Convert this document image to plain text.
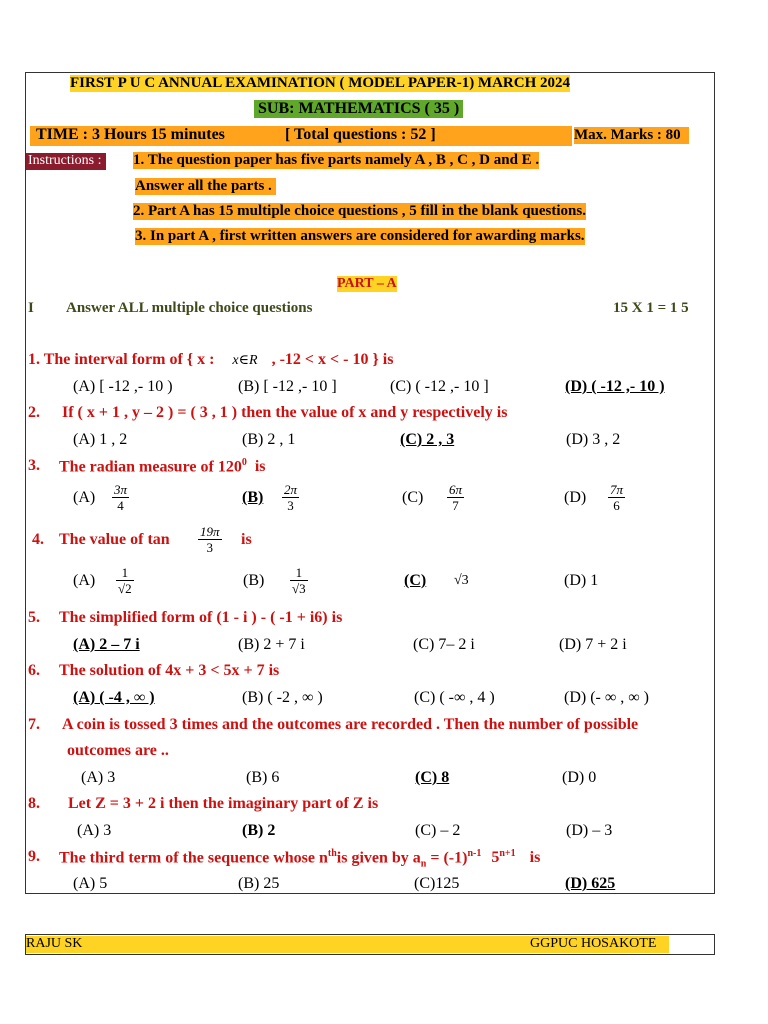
FIRST P U C ANNUAL EXAMINATION ( MODEL PAPER-1) MARCH 2024
SUB: MATHEMATICS ( 35 )
TIME : 3 Hours 15 minutes	[ Total questions : 52 ]	Max. Marks : 80
Instructions : 1. The question paper has five parts namely A , B , C , D and E .
Answer all the parts .
2. Part A has 15 multiple choice questions , 5 fill in the blank questions.
3. In part A , first written answers are considered for awarding marks.
PART – A
I Answer ALL multiple choice questions	15 X 1 = 1 5
1. The interval form of { x : x∈R , -12 < x < - 10 } is
(A) [ -12 ,- 10 )	(B) [ -12 ,- 10 ]	(C) ( -12 ,- 10 ]	(D) ( -12 ,- 10 )
2. If ( x + 1 , y – 2 ) = ( 3 , 1 ) then the value of x and y respectively is
(A) 1 , 2	(B) 2 , 1	(C) 2 , 3	(D) 3 , 2
3. The radian measure of $120^0$ is
$(A) \frac{3\pi}{4}$	(B)	$\frac{2\pi}{3}$	$(C) \frac{6\pi}{7}$	$(D) \frac{7\pi}{6}$
4. The value of $\tan \frac{19\pi}{3}$ is
$(A) \frac{1}{√2}$	$(B) \frac{1}{√3}$	(C)	√3	(D) 1
5. The simplified form of (1 - i ) - ( -1 + i6) is
(A) 2 – 7 i	(B) 2 + 7 i	(C) 7– 2 i	(D) 7 + 2 i
6. The solution of 4x + 3 < 5x + 7 is
(A) ( -4 , ∞ )	(B) ( -2 , ∞ )	(C) ( -∞ , 4 )	(D) (- ∞ , ∞ )
7. A coin is tossed 3 times and the outcomes are recorded . Then the number of possible
outcomes are ..
(A) 3	(B) 6	(C) 8	(D) 0
8. Let Z = 3 + 2 i then the imaginary part of Z is
(A) 3	(B) 2	(C) – 2	(D) – 3
9. The third term of the sequence whose $n^{th}is$ given by $a_n = (-1)^{n-1}$ $5^{n+1}$ is
(A) 5	(B) 25	(C)125	(D) 625
RAJU SK	GGPUC HOSAKOTE
